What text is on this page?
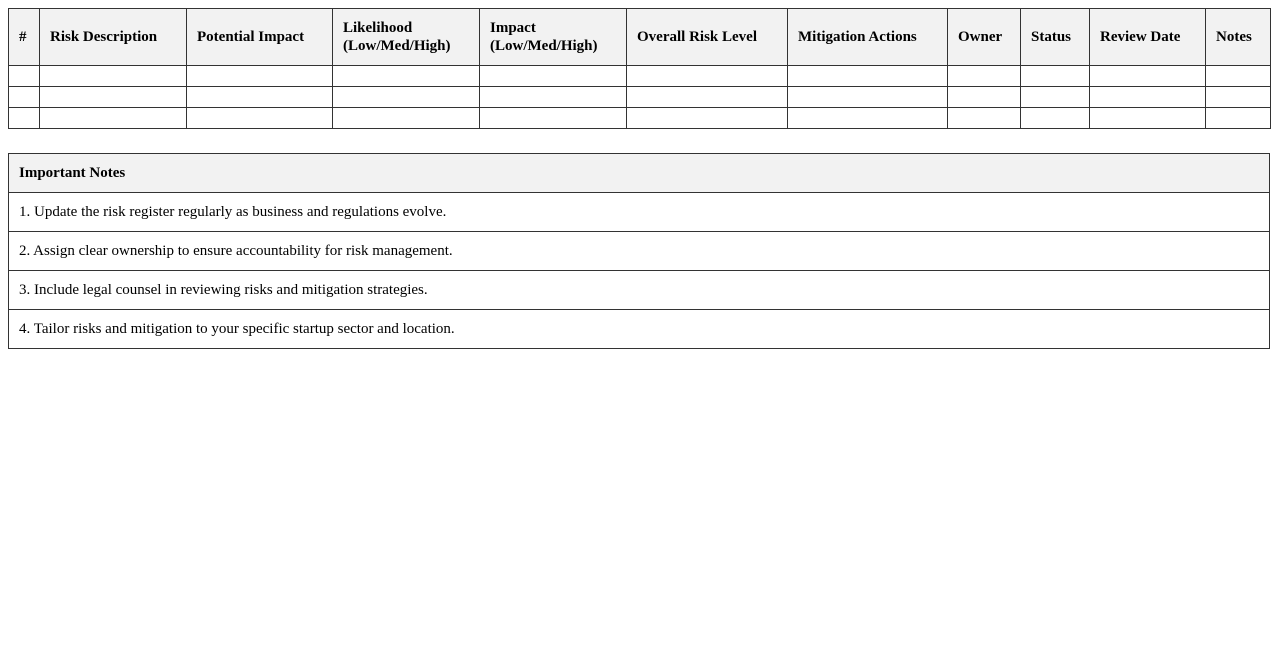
#	Risk Description	Potential Impact	Likelihood (Low/Med/High)	Impact (Low/Med/High)	Overall Risk Level	Mitigation Actions	Owner	Status	Review Date	Notes

Important Notes
1. Update the risk register regularly as business and regulations evolve.
2. Assign clear ownership to ensure accountability for risk management.
3. Include legal counsel in reviewing risks and mitigation strategies.
4. Tailor risks and mitigation to your specific startup sector and location.
